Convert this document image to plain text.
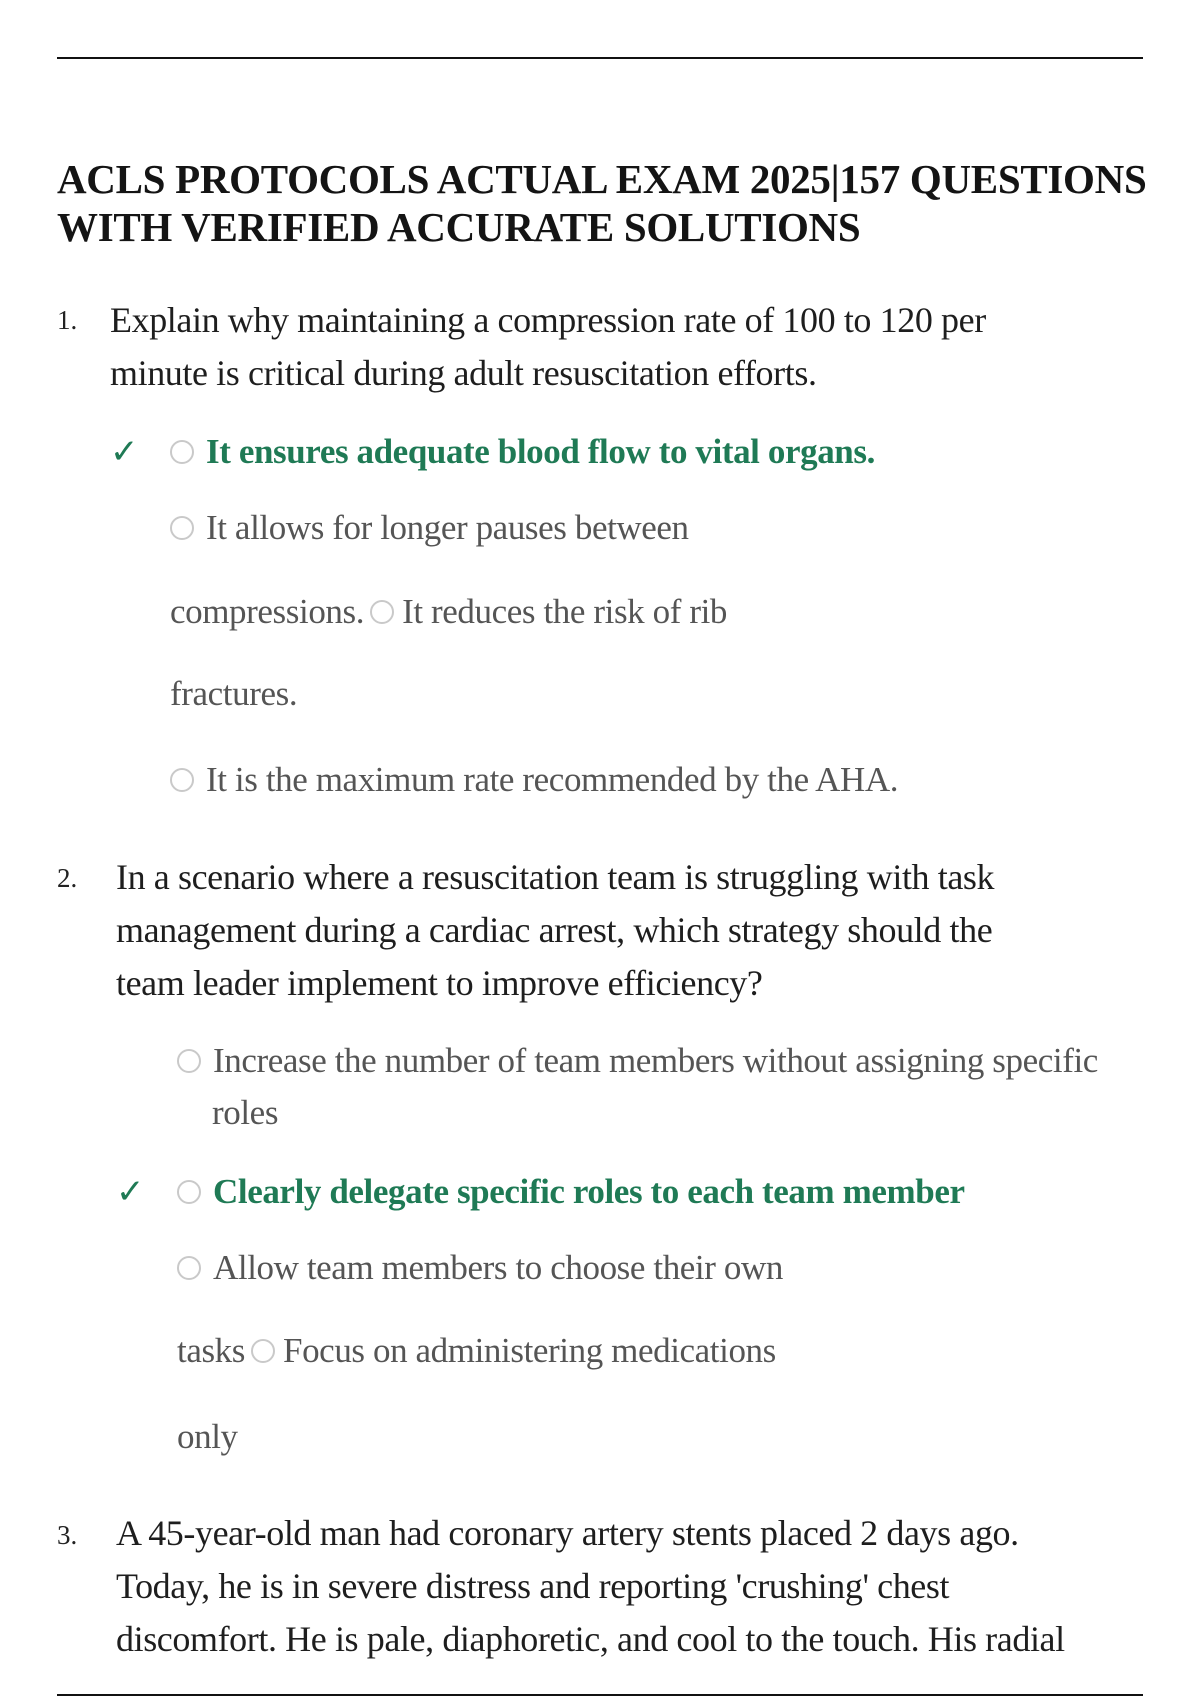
ACLS PROTOCOLS ACTUAL EXAM 2025|157 QUESTIONS
WITH VERIFIED ACCURATE SOLUTIONS
1. Explain why maintaining a compression rate of 100 to 120 per
minute is critical during adult resuscitation efforts.
✓	It ensures adequate blood flow to vital organs.
It allows for longer pauses between
compressions. It reduces the risk of rib
fractures.
It is the maximum rate recommended by the AHA.
2. In a scenario where a resuscitation team is struggling with task
management during a cardiac arrest, which strategy should the
team leader implement to improve efficiency?
Increase the number of team members without assigning specific
roles
✓	Clearly delegate specific roles to each team member
Allow team members to choose their own
tasks Focus on administering medications
only
3. A 45-year-old man had coronary artery stents placed 2 days ago.
Today, he is in severe distress and reporting 'crushing' chest
discomfort. He is pale, diaphoretic, and cool to the touch. His radial
